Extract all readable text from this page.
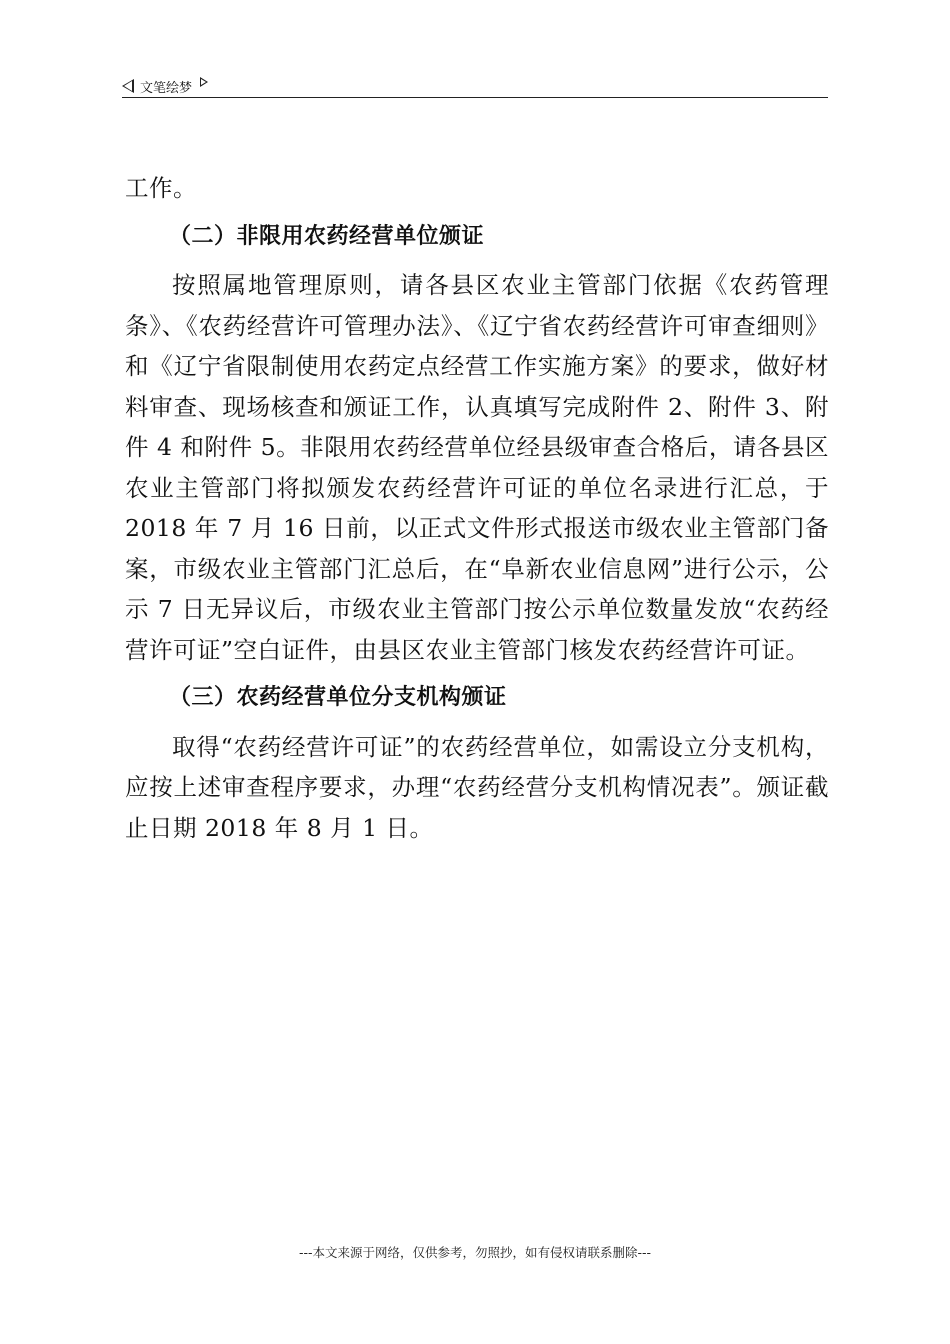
文笔绘梦

工作。

（二）非限用农药经营单位颁证

按照属地管理原则，请各县区农业主管部门依据《农药管理条》、《农药经营许可管理办法》、《辽宁省农药经营许可审查细则》和《辽宁省限制使用农药定点经营工作实施方案》的要求，做好材料审查、现场核查和颁证工作，认真填写完成附件 2、附件 3、附件 4 和附件 5。非限用农药经营单位经县级审查合格后，请各县区农业主管部门将拟颁发农药经营许可证的单位名录进行汇总，于 2018 年 7 月 16 日前，以正式文件形式报送市级农业主管部门备案，市级农业主管部门汇总后，在“阜新农业信息网”进行公示，公示 7 日无异议后，市级农业主管部门按公示单位数量发放“农药经营许可证”空白证件，由县区农业主管部门核发农药经营许可证。

（三）农药经营单位分支机构颁证

取得“农药经营许可证”的农药经营单位，如需设立分支机构，应按上述审查程序要求，办理“农药经营分支机构情况表”。颁证截止日期 2018 年 8 月 1 日。

---本文来源于网络，仅供参考，勿照抄，如有侵权请联系删除---
